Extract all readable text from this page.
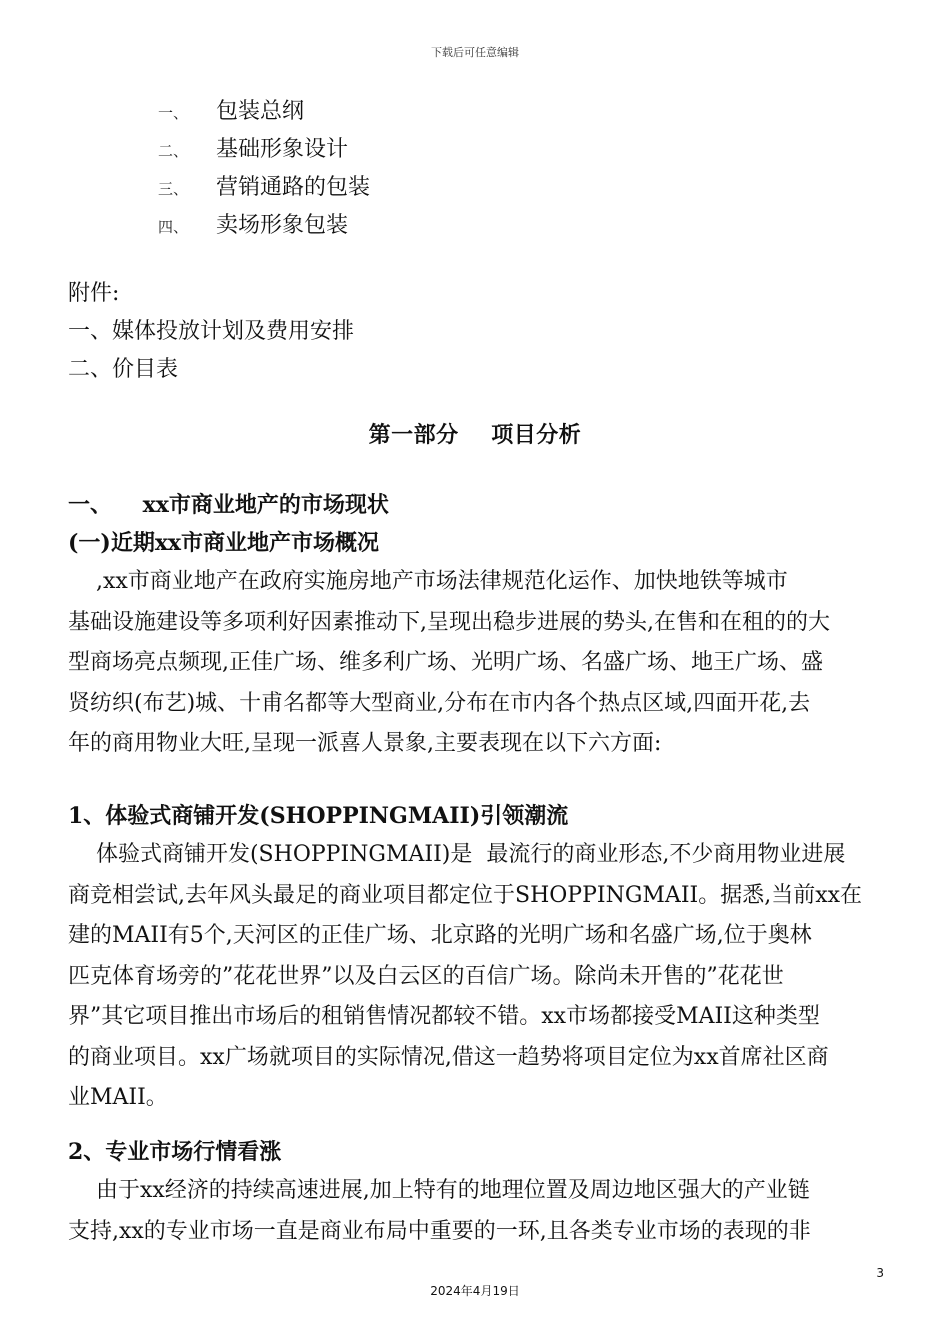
下载后可任意编辑
一、 包装总纲
二、 基础形象设计
三、 营销通路的包装
四、 卖场形象包装
附件:
一、媒体投放计划及费用安排
二、价目表
第一部分    项目分析
一、    xx市商业地产的市场现状
(一)近期xx市商业地产市场概况
,xx市商业地产在政府实施房地产市场法律规范化运作、加快地铁等城市
基础设施建设等多项利好因素推动下,呈现出稳步进展的势头,在售和在租的的大
型商场亮点频现,正佳广场、维多利广场、光明广场、名盛广场、地王广场、盛
贤纺织(布艺)城、十甫名都等大型商业,分布在市内各个热点区域,四面开花,去
年的商用物业大旺,呈现一派喜人景象,主要表现在以下六方面:
1、体验式商铺开发(SHOPPINGMAII)引领潮流
体验式商铺开发(SHOPPINGMAII)是  最流行的商业形态,不少商用物业进展
商竞相尝试,去年风头最足的商业项目都定位于SHOPPINGMAII。据悉,当前xx在
建的MAII有5个,天河区的正佳广场、北京路的光明广场和名盛广场,位于奥林
匹克体育场旁的”花花世界”以及白云区的百信广场。除尚未开售的”花花世
界”其它项目推出市场后的租销售情况都较不错。xx市场都接受MAII这种类型
的商业项目。xx广场就项目的实际情况,借这一趋势将项目定位为xx首席社区商
业MAII。
2、专业市场行情看涨
由于xx经济的持续高速进展,加上特有的地理位置及周边地区强大的产业链
支持,xx的专业市场一直是商业布局中重要的一环,且各类专业市场的表现的非
3
2024年4月19日
